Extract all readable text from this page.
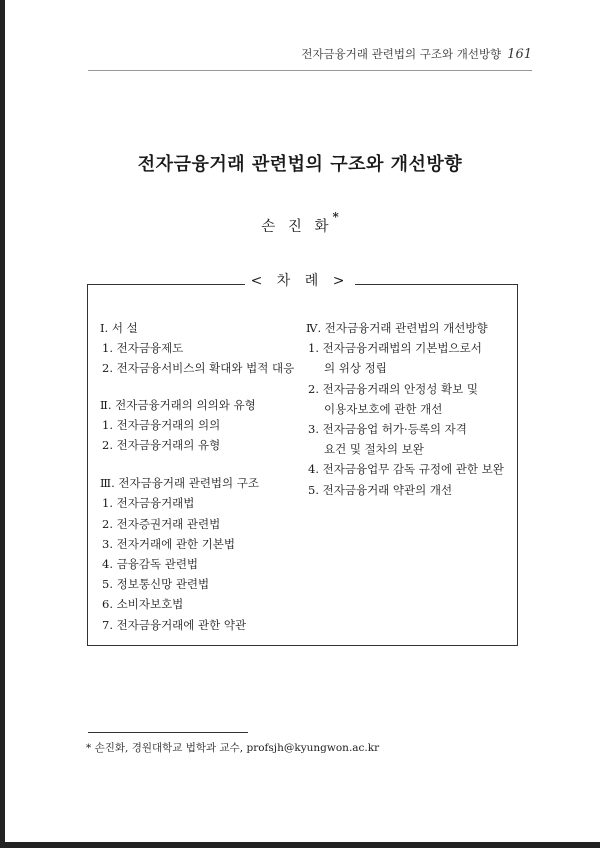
전자금융거래 관련법의 구조와 개선방향 161
전자금융거래 관련법의 구조와 개선방향
손 진 화*
< 차 례 >
Ⅰ. 서 설
1. 전자금융제도
2. 전자금융서비스의 확대와 법적 대응
Ⅱ. 전자금융거래의 의의와 유형
1. 전자금융거래의 의의
2. 전자금융거래의 유형
Ⅲ. 전자금융거래 관련법의 구조
1. 전자금융거래법
2. 전자증권거래 관련법
3. 전자거래에 관한 기본법
4. 금융감독 관련법
5. 정보통신망 관련법
6. 소비자보호법
7. 전자금융거래에 관한 약관
Ⅳ. 전자금융거래 관련법의 개선방향
1. 전자금융거래법의 기본법으로서
의 위상 정립
2. 전자금융거래의 안정성 확보 및
이용자보호에 관한 개선
3. 전자금융업 허가·등록의 자격
요건 및 절차의 보완
4. 전자금융업무 감독 규정에 관한 보완
5. 전자금융거래 약관의 개선
* 손진화, 경원대학교 법학과 교수, profsjh@kyungwon.ac.kr
